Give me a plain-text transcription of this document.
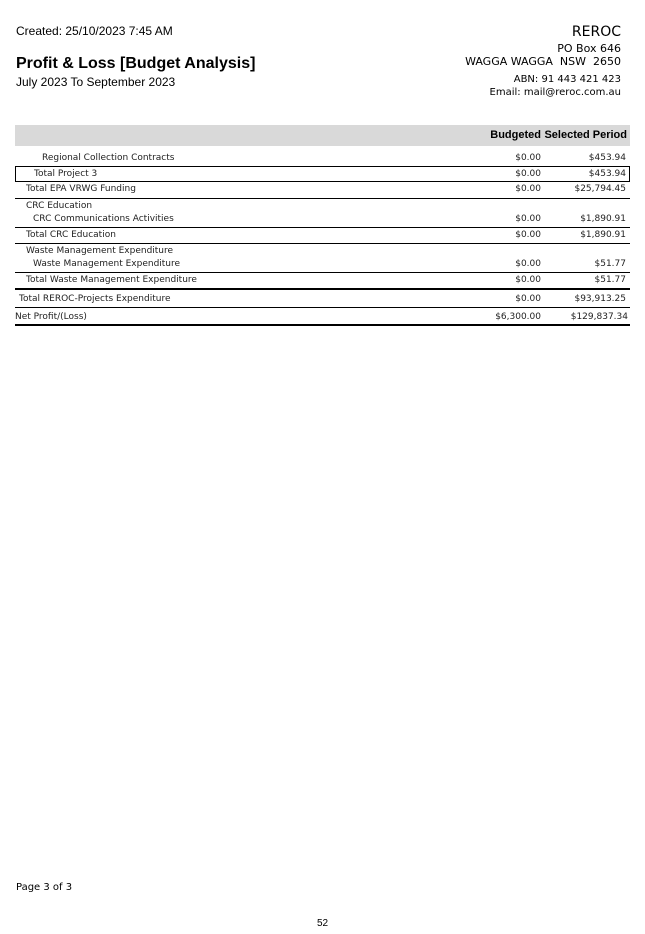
Created: 25/10/2023 7:45 AM
Profit & Loss [Budget Analysis]
July 2023 To September 2023
REROC
PO Box 646
WAGGA WAGGA  NSW  2650
ABN: 91 443 421 423
Email: mail@reroc.com.au
Budgeted Selected Period
Regional Collection Contracts	$0.00	$453.94
Total Project 3	$0.00	$453.94
Total EPA VRWG Funding	$0.00	$25,794.45
CRC Education
CRC Communications Activities	$0.00	$1,890.91
Total CRC Education	$0.00	$1,890.91
Waste Management Expenditure
Waste Management Expenditure	$0.00	$51.77
Total Waste Management Expenditure	$0.00	$51.77
Total REROC-Projects Expenditure	$0.00	$93,913.25
Net Profit/(Loss)	$6,300.00	$129,837.34
Page 3 of 3
52
